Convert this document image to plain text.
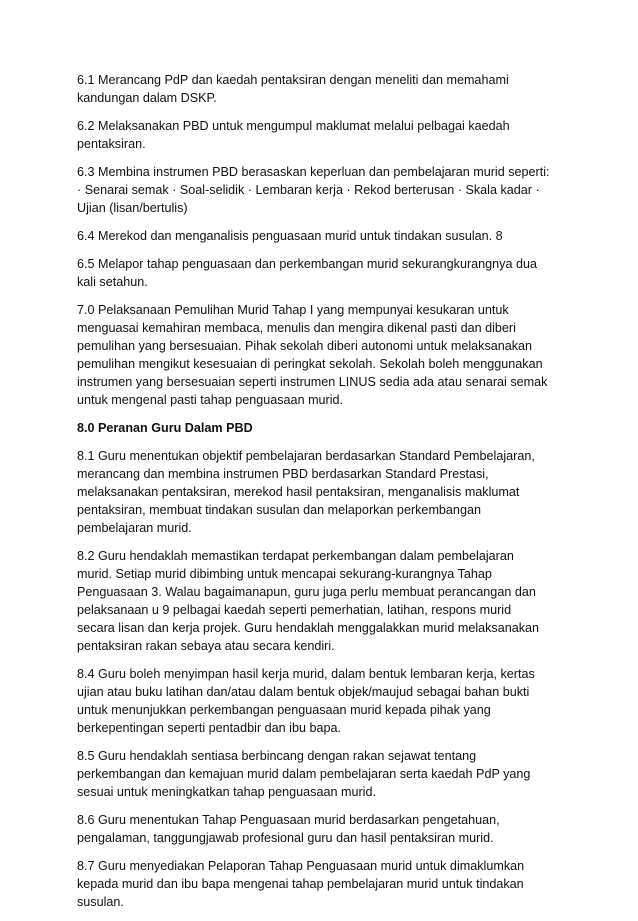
6.1 Merancang PdP dan kaedah pentaksiran dengan meneliti dan memahami
kandungan dalam DSKP.
6.2 Melaksanakan PBD untuk mengumpul maklumat melalui pelbagai kaedah
pentaksiran.
6.3 Membina instrumen PBD berasaskan keperluan dan pembelajaran murid seperti:
· Senarai semak · Soal-selidik · Lembaran kerja · Rekod berterusan · Skala kadar ·
Ujian (lisan/bertulis)
6.4 Merekod dan menganalisis penguasaan murid untuk tindakan susulan. 8
6.5 Melapor tahap penguasaan dan perkembangan murid sekurangkurangnya dua
kali setahun.
7.0 Pelaksanaan Pemulihan Murid Tahap I yang mempunyai kesukaran untuk
menguasai kemahiran membaca, menulis dan mengira dikenal pasti dan diberi
pemulihan yang bersesuaian. Pihak sekolah diberi autonomi untuk melaksanakan
pemulihan mengikut kesesuaian di peringkat sekolah. Sekolah boleh menggunakan
instrumen yang bersesuaian seperti instrumen LINUS sedia ada atau senarai semak
untuk mengenal pasti tahap penguasaan murid.
8.0 Peranan Guru Dalam PBD
8.1 Guru menentukan objektif pembelajaran berdasarkan Standard Pembelajaran,
merancang dan membina instrumen PBD berdasarkan Standard Prestasi,
melaksanakan pentaksiran, merekod hasil pentaksiran, menganalisis maklumat
pentaksiran, membuat tindakan susulan dan melaporkan perkembangan
pembelajaran murid.
8.2 Guru hendaklah memastikan terdapat perkembangan dalam pembelajaran
murid. Setiap murid dibimbing untuk mencapai sekurang-kurangnya Tahap
Penguasaan 3. Walau bagaimanapun, guru juga perlu membuat perancangan dan
pelaksanaan u 9 pelbagai kaedah seperti pemerhatian, latihan, respons murid
secara lisan dan kerja projek. Guru hendaklah menggalakkan murid melaksanakan
pentaksiran rakan sebaya atau secara kendiri.
8.4 Guru boleh menyimpan hasil kerja murid, dalam bentuk lembaran kerja, kertas
ujian atau buku latihan dan/atau dalam bentuk objek/maujud sebagai bahan bukti
untuk menunjukkan perkembangan penguasaan murid kepada pihak yang
berkepentingan seperti pentadbir dan ibu bapa.
8.5 Guru hendaklah sentiasa berbincang dengan rakan sejawat tentang
perkembangan dan kemajuan murid dalam pembelajaran serta kaedah PdP yang
sesuai untuk meningkatkan tahap penguasaan murid.
8.6 Guru menentukan Tahap Penguasaan murid berdasarkan pengetahuan,
pengalaman, tanggungjawab profesional guru dan hasil pentaksiran murid.
8.7 Guru menyediakan Pelaporan Tahap Penguasaan murid untuk dimaklumkan
kepada murid dan ibu bapa mengenai tahap pembelajaran murid untuk tindakan
susulan.
